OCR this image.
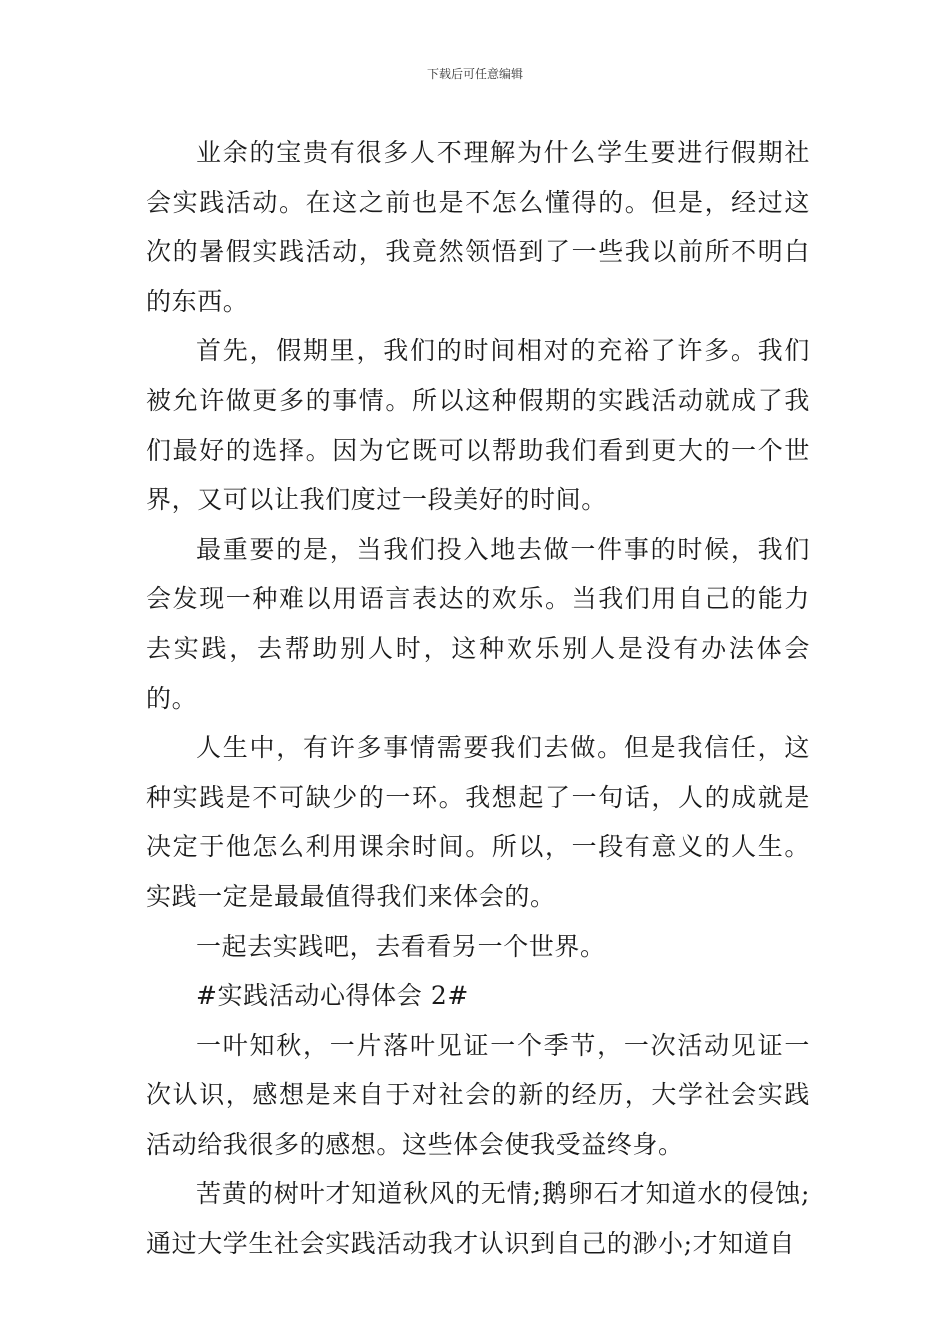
下载后可任意编辑

业余的宝贵有很多人不理解为什么学生要进行假期社会实践活动。在这之前也是不怎么懂得的。但是，经过这次的暑假实践活动，我竟然领悟到了一些我以前所不明白的东西。

首先，假期里，我们的时间相对的充裕了许多。我们被允许做更多的事情。所以这种假期的实践活动就成了我们最好的选择。因为它既可以帮助我们看到更大的一个世界，又可以让我们度过一段美好的时间。

最重要的是，当我们投入地去做一件事的时候，我们会发现一种难以用语言表达的欢乐。当我们用自己的能力去实践，去帮助别人时，这种欢乐别人是没有办法体会的。

人生中，有许多事情需要我们去做。但是我信任，这种实践是不可缺少的一环。我想起了一句话，人的成就是决定于他怎么利用课余时间。所以，一段有意义的人生。实践一定是最最值得我们来体会的。

一起去实践吧，去看看另一个世界。

#实践活动心得体会 2#

一叶知秋，一片落叶见证一个季节，一次活动见证一次认识，感想是来自于对社会的新的经历，大学社会实践活动给我很多的感想。这些体会使我受益终身。

苦黄的树叶才知道秋风的无情;鹅卵石才知道水的侵蚀;通过大学生社会实践活动我才认识到自己的渺小;才知道自
